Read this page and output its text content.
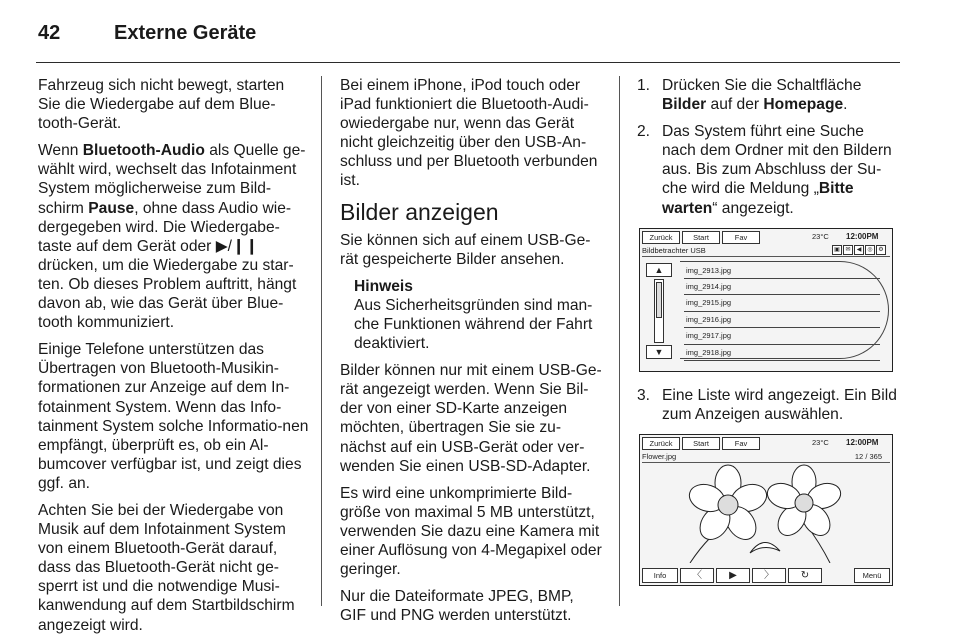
42	Externe Geräte

Fahrzeug sich nicht bewegt, starten Sie die Wiedergabe auf dem Blue-tooth-Gerät.

Wenn Bluetooth-Audio als Quelle ge-wählt wird, wechselt das Infotainment System möglicherweise zum Bild-schirm Pause, ohne dass Audio wie-dergegeben wird. Die Wiedergabe-taste auf dem Gerät oder ▶/❙❙ drücken, um die Wiedergabe zu star-ten. Ob dieses Problem auftritt, hängt davon ab, wie das Gerät über Blue-tooth kommuniziert.

Einige Telefone unterstützen das Übertragen von Bluetooth-Musikin-formationen zur Anzeige auf dem In-fotainment System. Wenn das Info-tainment System solche Informatio-nen empfängt, überprüft es, ob ein Al-bumcover verfügbar ist, und zeigt dies ggf. an.

Achten Sie bei der Wiedergabe von Musik auf dem Infotainment System von einem Bluetooth-Gerät darauf, dass das Bluetooth-Gerät nicht ge-sperrt ist und die notwendige Musi-kanwendung auf dem Startbildschirm angezeigt wird.

Bei einem iPhone, iPod touch oder iPad funktioniert die Bluetooth-Audi-owiedergabe nur, wenn das Gerät nicht gleichzeitig über den USB-An-schluss und per Bluetooth verbunden ist.

Bilder anzeigen

Sie können sich auf einem USB-Ge-rät gespeicherte Bilder ansehen.

Hinweis
Aus Sicherheitsgründen sind man-che Funktionen während der Fahrt deaktiviert.

Bilder können nur mit einem USB-Ge-rät angezeigt werden. Wenn Sie Bil-der von einer SD-Karte anzeigen möchten, übertragen Sie sie zu-nächst auf ein USB-Gerät oder ver-wenden Sie einen USB-SD-Adapter.

Es wird eine unkomprimierte Bild-größe von maximal 5 MB unterstützt, verwenden Sie dazu eine Kamera mit einer Auflösung von 4-Megapixel oder geringer.

Nur die Dateiformate JPEG, BMP, GIF und PNG werden unterstützt.

1. Drücken Sie die Schaltfläche Bilder auf der Homepage.
2. Das System führt eine Suche nach dem Ordner mit den Bildern aus. Bis zum Abschluss der Su-che wird die Meldung „Bitte warten“ angezeigt.
Zurück	Start	Fav	23°C 12:00PM
Bildbetrachter USB	▣ ✉	◀	◎ ⚙
▲
▼
img_2913.jpg
img_2914.jpg
img_2915.jpg
img_2916.jpg
img_2917.jpg
img_2918.jpg
3. Eine Liste wird angezeigt. Ein Bild zum Anzeigen auswählen.
Zurück	Start	Fav	23°C 12:00PM
Flower.jpg	12 / 365
Info	〈	▶	〉	↻	Menü
